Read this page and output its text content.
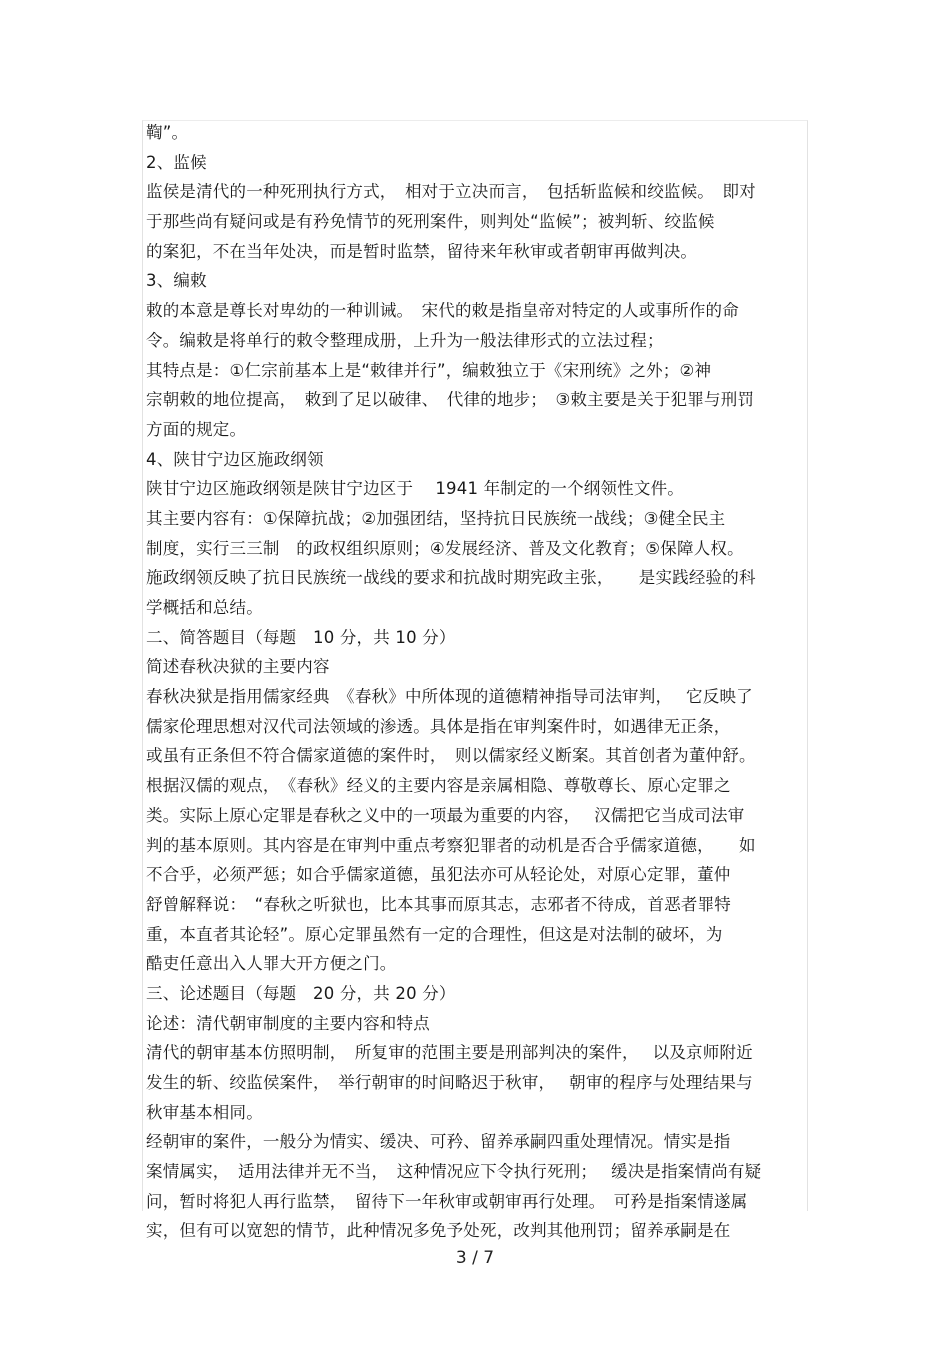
鞫”。
2、监候
监侯是清代的一种死刑执行方式，　相对于立决而言，　包括斩监候和绞监候。　即对
于那些尚有疑问或是有矜免情节的死刑案件，则判处“监候”；被判斩、绞监候
的案犯，不在当年处决，而是暂时监禁，留待来年秋审或者朝审再做判决。
3、编敕
敕的本意是尊长对卑幼的一种训诫。　宋代的敕是指皇帝对特定的人或事所作的命
令。编敕是将单行的敕令整理成册，上升为一般法律形式的立法过程；
其特点是：①仁宗前基本上是“敕律并行”，编敕独立于《宋刑统》之外；②神
宗朝敕的地位提高，　敕到了足以破律、　代律的地步；　③敕主要是关于犯罪与刑罚
方面的规定。
4、陕甘宁边区施政纲领
陕甘宁边区施政纲领是陕甘宁边区于　 1941 年制定的一个纲领性文件。
其主要内容有：①保障抗战；②加强团结，坚持抗日民族统一战线；③健全民主
制度，实行三三制　的政权组织原则；④发展经济、普及文化教育；⑤保障人权。
施政纲领反映了抗日民族统一战线的要求和抗战时期宪政主张，　　是实践经验的科
学概括和总结。
二、简答题目（每题　10 分，共 10 分）
简述春秋决狱的主要内容
春秋决狱是指用儒家经典　《春秋》中所体现的道德精神指导司法审判，　 它反映了
儒家伦理思想对汉代司法领域的渗透。具体是指在审判案件时，如遇律无正条，
或虽有正条但不符合儒家道德的案件时，　则以儒家经义断案。其首创者为董仲舒。
根据汉儒的观点，　《春秋》经义的主要内容是亲属相隐、尊敬尊长、原心定罪之
类。实际上原心定罪是春秋之义中的一项最为重要的内容，　 汉儒把它当成司法审
判的基本原则。其内容是在审判中重点考察犯罪者的动机是否合乎儒家道德，　　如
不合乎，必须严惩；如合乎儒家道德，虽犯法亦可从轻论处，对原心定罪，董仲
舒曾解释说：　“春秋之听狱也，比本其事而原其志，志邪者不待成，首恶者罪特
重，本直者其论轻”。原心定罪虽然有一定的合理性，但这是对法制的破坏，为
酷吏任意出入人罪大开方便之门。
三、论述题目（每题　20 分，共 20 分）
论述：清代朝审制度的主要内容和特点
清代的朝审基本仿照明制，　所复审的范围主要是刑部判决的案件，　 以及京师附近
发生的斩、绞监侯案件，　举行朝审的时间略迟于秋审，　 朝审的程序与处理结果与
秋审基本相同。
经朝审的案件，一般分为情实、缓决、可矜、留养承嗣四重处理情况。情实是指
案情属实，　适用法律并无不当，　这种情况应下令执行死刑；　 缓决是指案情尚有疑
问，暂时将犯人再行监禁，　留待下一年秋审或朝审再行处理。　可矜是指案情遂属
实，但有可以宽恕的情节，此种情况多免予处死，改判其他刑罚；留养承嗣是在
3 / 7
